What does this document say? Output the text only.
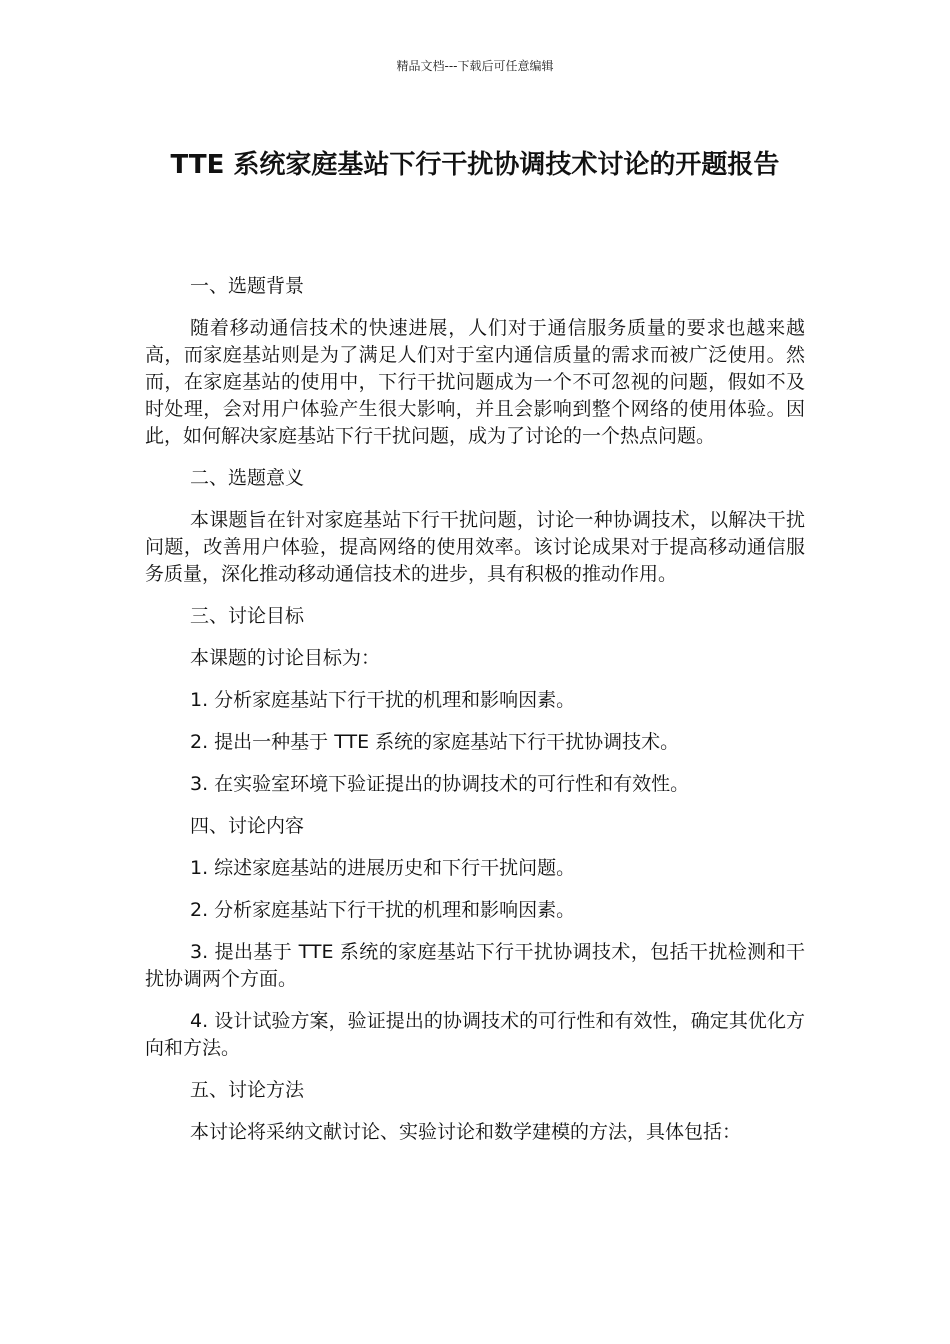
精品文档---下载后可任意编辑
TTE 系统家庭基站下行干扰协调技术讨论的开题报告

一、选题背景

随着移动通信技术的快速进展，人们对于通信服务质量的要求也越来越高，而家庭基站则是为了满足人们对于室内通信质量的需求而被广泛使用。然而，在家庭基站的使用中，下行干扰问题成为一个不可忽视的问题，假如不及时处理，会对用户体验产生很大影响，并且会影响到整个网络的使用体验。因此，如何解决家庭基站下行干扰问题，成为了讨论的一个热点问题。

二、选题意义

本课题旨在针对家庭基站下行干扰问题，讨论一种协调技术，以解决干扰问题，改善用户体验，提高网络的使用效率。该讨论成果对于提高移动通信服务质量，深化推动移动通信技术的进步，具有积极的推动作用。

三、讨论目标

本课题的讨论目标为：

1. 分析家庭基站下行干扰的机理和影响因素。

2. 提出一种基于 TTE 系统的家庭基站下行干扰协调技术。

3. 在实验室环境下验证提出的协调技术的可行性和有效性。

四、讨论内容

1. 综述家庭基站的进展历史和下行干扰问题。

2. 分析家庭基站下行干扰的机理和影响因素。

3. 提出基于 TTE 系统的家庭基站下行干扰协调技术，包括干扰检测和干扰协调两个方面。

4. 设计试验方案，验证提出的协调技术的可行性和有效性，确定其优化方向和方法。

五、讨论方法

本讨论将采纳文献讨论、实验讨论和数学建模的方法，具体包括：
